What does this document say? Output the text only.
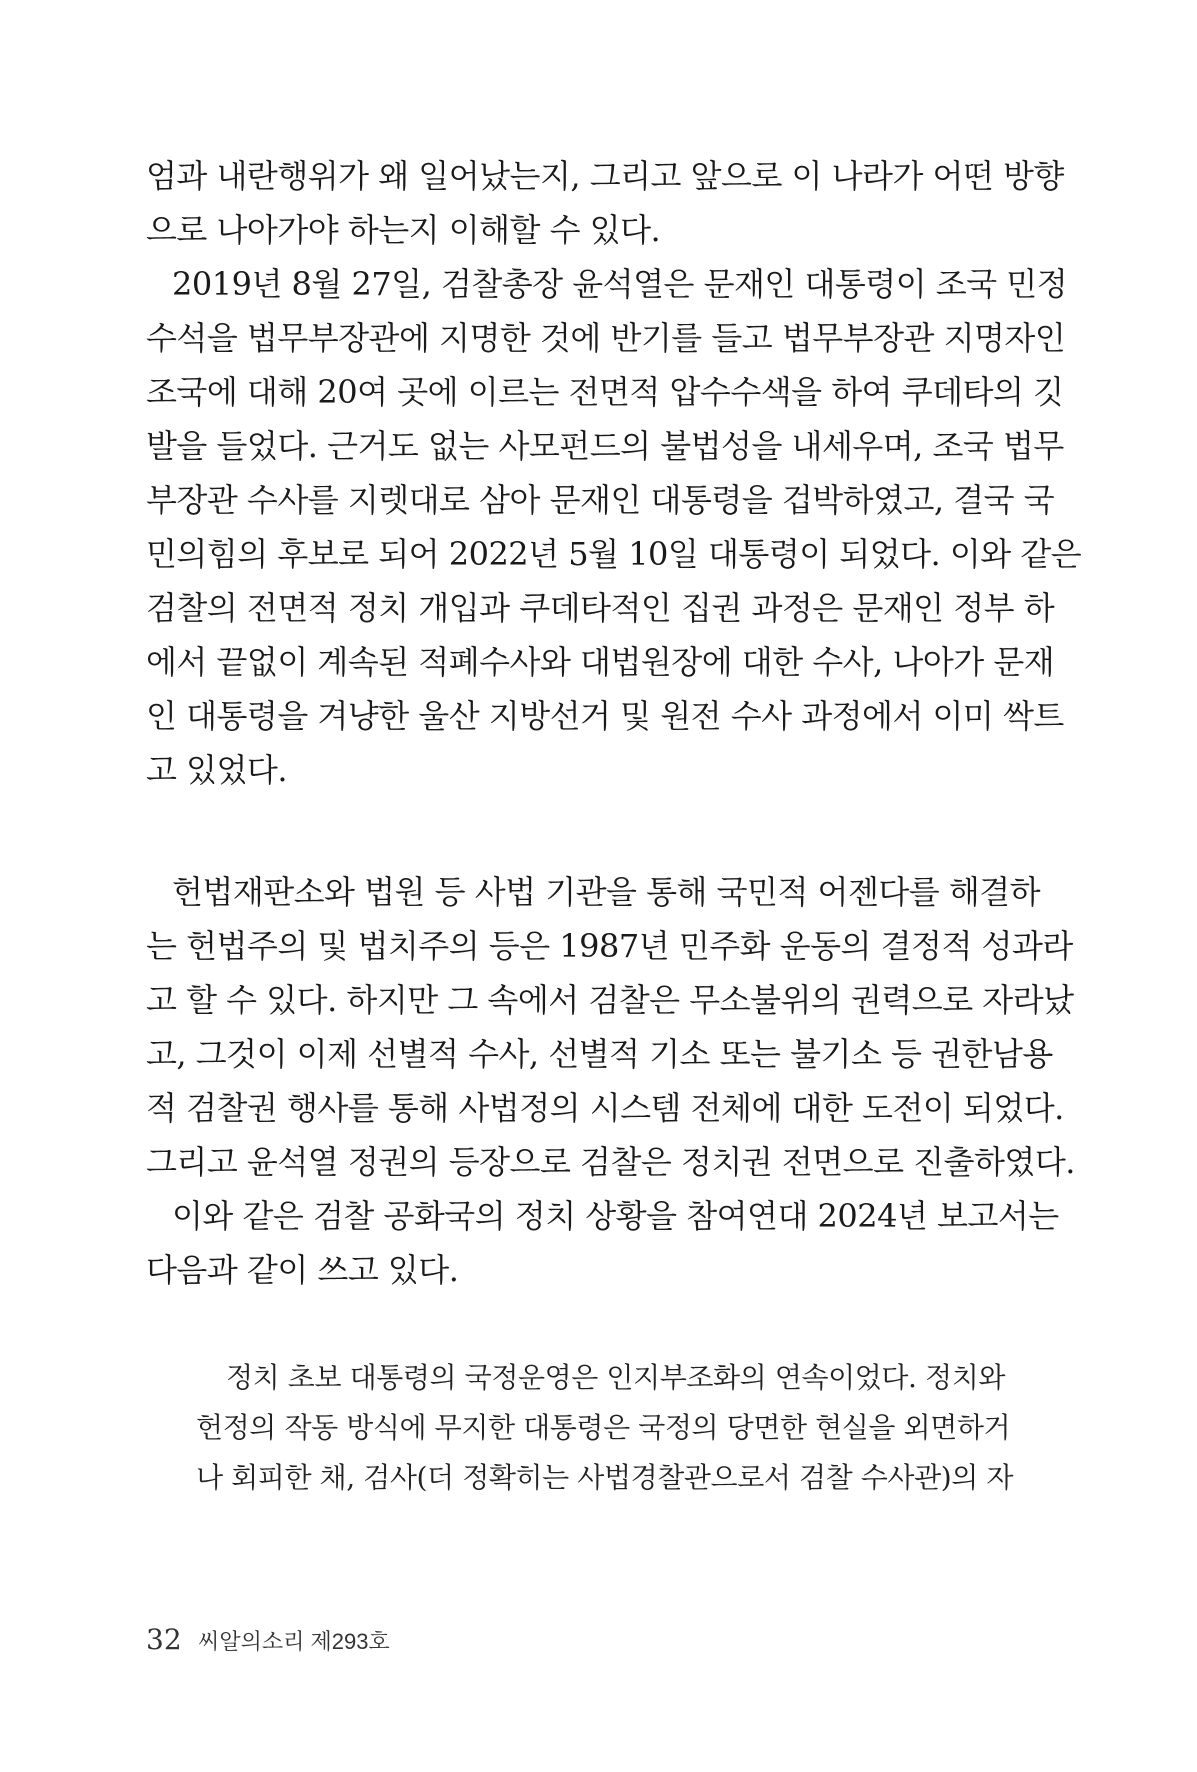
엄과 내란행위가 왜 일어났는지, 그리고 앞으로 이 나라가 어떤 방향
으로 나아가야 하는지 이해할 수 있다.
2019년 8월 27일, 검찰총장 윤석열은 문재인 대통령이 조국 민정
수석을 법무부장관에 지명한 것에 반기를 들고 법무부장관 지명자인
조국에 대해 20여 곳에 이르는 전면적 압수수색을 하여 쿠데타의 깃
발을 들었다. 근거도 없는 사모펀드의 불법성을 내세우며, 조국 법무
부장관 수사를 지렛대로 삼아 문재인 대통령을 겁박하였고, 결국 국
민의힘의 후보로 되어 2022년 5월 10일 대통령이 되었다. 이와 같은
검찰의 전면적 정치 개입과 쿠데타적인 집권 과정은 문재인 정부 하
에서 끝없이 계속된 적폐수사와 대법원장에 대한 수사, 나아가 문재
인 대통령을 겨냥한 울산 지방선거 및 원전 수사 과정에서 이미 싹트
고 있었다.
헌법재판소와 법원 등 사법 기관을 통해 국민적 어젠다를 해결하
는 헌법주의 및 법치주의 등은 1987년 민주화 운동의 결정적 성과라
고 할 수 있다. 하지만 그 속에서 검찰은 무소불위의 권력으로 자라났
고, 그것이 이제 선별적 수사, 선별적 기소 또는 불기소 등 권한남용
적 검찰권 행사를 통해 사법정의 시스템 전체에 대한 도전이 되었다.
그리고 윤석열 정권의 등장으로 검찰은 정치권 전면으로 진출하였다.
이와 같은 검찰 공화국의 정치 상황을 참여연대 2024년 보고서는
다음과 같이 쓰고 있다.
정치 초보 대통령의 국정운영은 인지부조화의 연속이었다. 정치와
헌정의 작동 방식에 무지한 대통령은 국정의 당면한 현실을 외면하거
나 회피한 채, 검사(더 정확히는 사법경찰관으로서 검찰 수사관)의 자
32 씨알의소리 제293호
